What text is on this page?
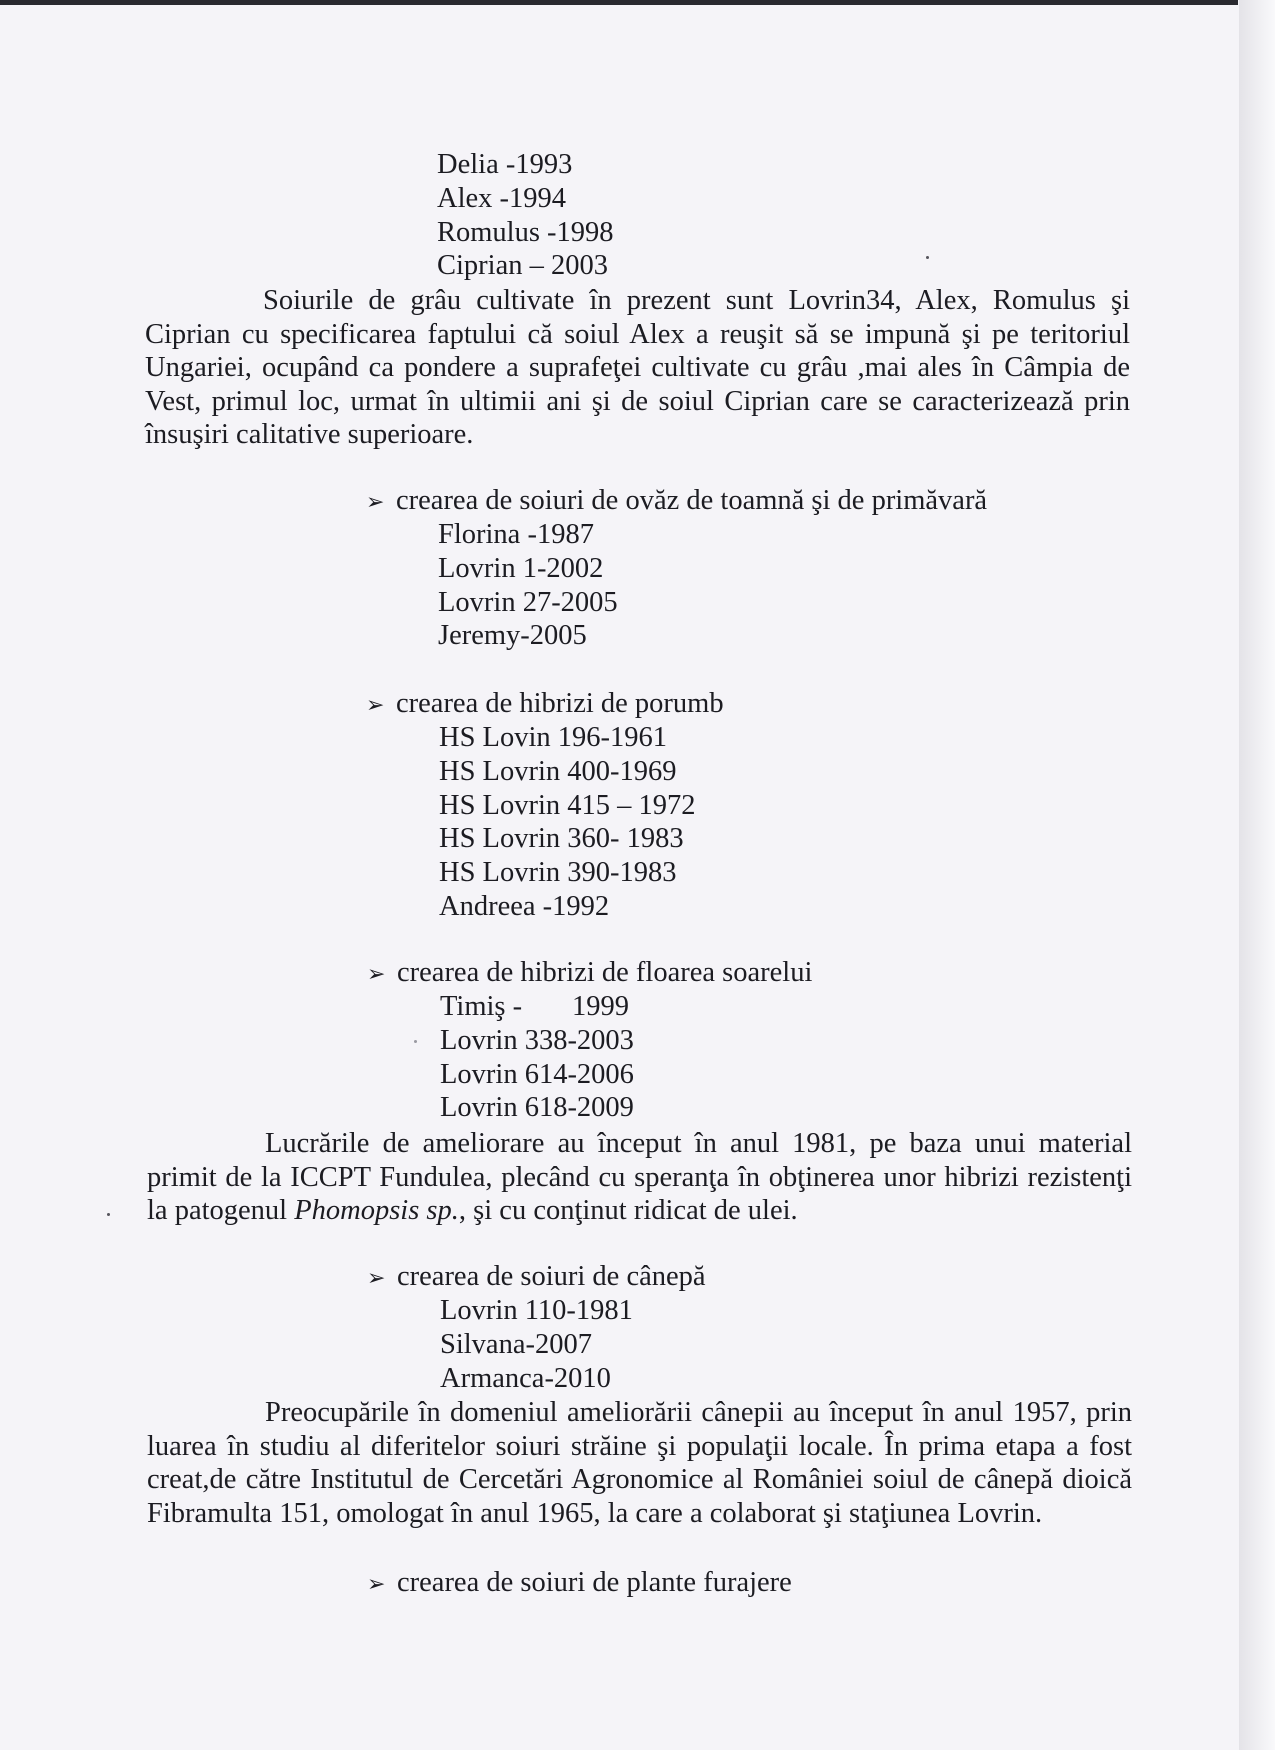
Delia -1993
Alex -1994
Romulus -1998
Ciprian – 2003
Soiurile de grâu cultivate în prezent sunt Lovrin34, Alex, Romulus şi Ciprian cu specificarea faptului că soiul Alex a reuşit să se impună şi pe teritoriul Ungariei, ocupând ca pondere a suprafeţei cultivate cu grâu ,mai ales în Câmpia de Vest, primul loc, urmat în ultimii ani şi de soiul Ciprian care se caracterizează prin însuşiri calitative superioare.
➢ crearea de soiuri de ovăz de toamnă şi de primăvară
Florina -1987
Lovrin 1-2002
Lovrin 27-2005
Jeremy-2005
➢ crearea de hibrizi de porumb
HS Lovin 196-1961
HS Lovrin 400-1969
HS Lovrin 415 – 1972
HS Lovrin 360- 1983
HS Lovrin 390-1983
Andreea -1992
➢ crearea de hibrizi de floarea soarelui
Timiş -       1999
Lovrin 338-2003
Lovrin 614-2006
Lovrin 618-2009
Lucrările de ameliorare au început în anul 1981, pe baza unui material primit de la ICCPT Fundulea, plecând cu speranţa în obţinerea unor hibrizi rezistenţi la patogenul Phomopsis sp., şi cu conţinut ridicat de ulei.
➢ crearea de soiuri de cânepă
Lovrin 110-1981
Silvana-2007
Armanca-2010
Preocupările în domeniul ameliorării cânepii au început în anul 1957, prin luarea în studiu al diferitelor soiuri străine şi populaţii locale. În prima etapa a fost creat,de către Institutul de Cercetări Agronomice al României soiul de cânepă dioică Fibramulta 151, omologat în anul 1965, la care a colaborat şi staţiunea Lovrin.
➢ crearea de soiuri de plante furajere
